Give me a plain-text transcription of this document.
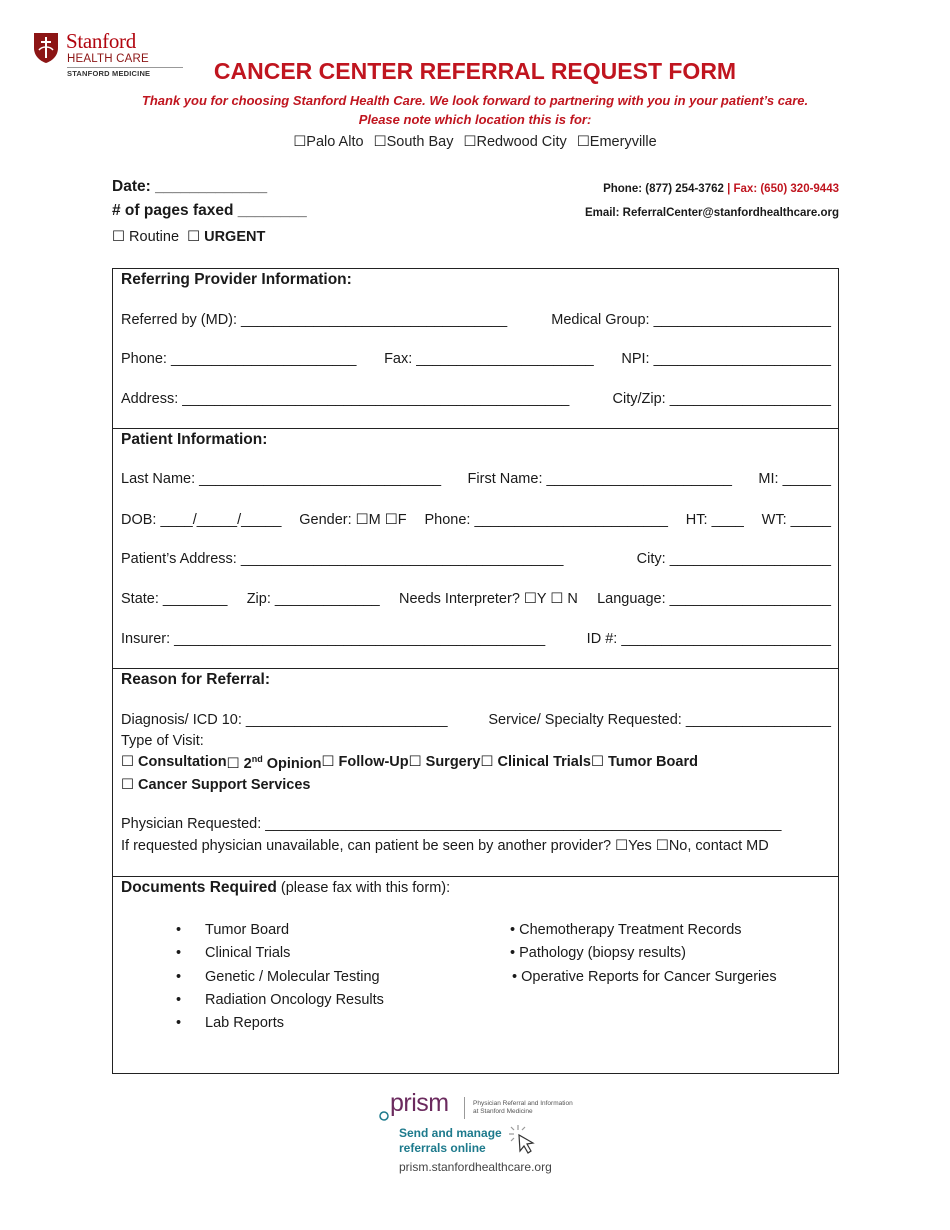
Stanford
HEALTH CARE
STANFORD MEDICINE	CANCER CENTER REFERRAL REQUEST FORM
Thank you for choosing Stanford Health Care. We look forward to partnering with you in your patient’s care.
Please note which location this is for:
☐Palo Alto ☐South Bay ☐Redwood City ☐Emeryville
Date: _____________
# of pages faxed ________
☐ Routine ☐ URGENT
Phone: (877) 254-3762 | Fax: (650) 320-9443
Email: ReferralCenter@stanfordhealthcare.org
Referring Provider Information:
Referred by (MD): _________________________________	Medical Group: ______________________
Phone: _______________________ Fax: ______________________ NPI: ______________________
Address: ________________________________________________	City/Zip: ____________________
Patient Information:
Last Name: ______________________________ First Name: _______________________ MI: ______
DOB: ____/_____/_____ Gender: ☐M ☐F Phone: ________________________ HT: ____ WT: _____
Patient’s Address: ________________________________________	City: ____________________
State: ________ Zip: _____________ Needs Interpreter? ☐Y ☐ N Language: ____________________
Insurer: ______________________________________________	ID #: __________________________
Reason for Referral:
Diagnosis/ ICD 10: _________________________	Service/ Specialty Requested: __________________
Type of Visit:
☐ Consultation ☐ 2nd Opinion ☐ Follow-Up ☐ Surgery ☐ Clinical Trials ☐ Tumor Board
☐ Cancer Support Services
Physician Requested: ________________________________________________________________
If requested physician unavailable, can patient be seen by another provider? ☐Yes ☐No, contact MD
Documents Required (please fax with this form):
• Tumor Board
• Clinical Trials
• Genetic / Molecular Testing
• Radiation Oncology Results
• Lab Reports
• Chemotherapy Treatment Records
• Pathology (biopsy results)
• Operative Reports for Cancer Surgeries
prism	Physician Referral and Information
at Stanford Medicine
Send and manage
referrals online
prism.stanfordhealthcare.org
